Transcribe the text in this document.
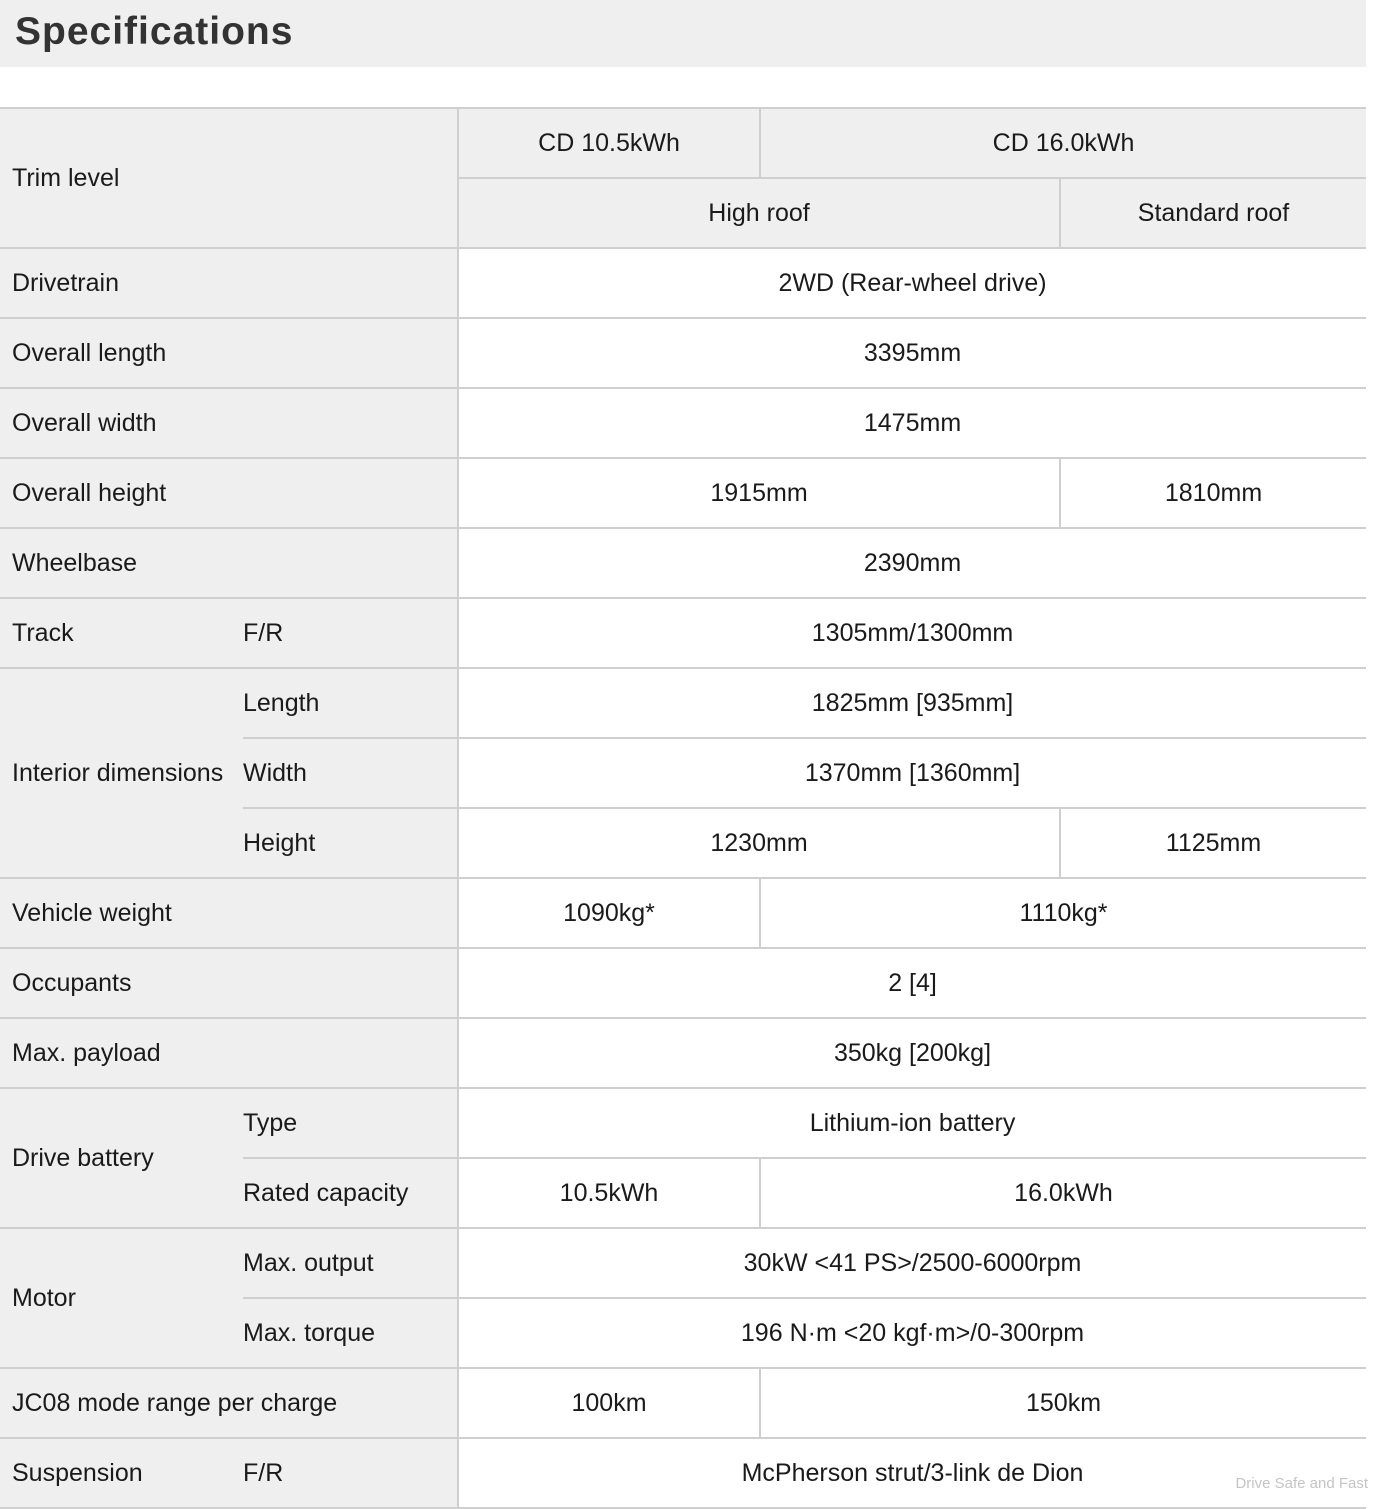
Specifications
Trim level		CD 10.5kWh	CD 16.0kWh	
		High roof		Standard roof
Drivetrain		2WD (Rear-wheel drive)		
Overall length		3395mm		
Overall width		1475mm		
Overall height		1915mm		1810mm
Wheelbase		2390mm		
Track	F/R	1305mm/1300mm		
Interior dimensions	Length	1825mm [935mm]		
	Width	1370mm [1360mm]		
	Height	1230mm		1125mm
Vehicle weight		1090kg*	1110kg*	
Occupants		2 [4]		
Max. payload		350kg [200kg]		
Drive battery	Type	Lithium-ion battery		
	Rated capacity	10.5kWh	16.0kWh	
Motor	Max. output	30kW <41 PS>/2500-6000rpm		
	Max. torque	196 N·m <20 kgf·m>/0-300rpm		
JC08 mode range per charge		100km	150km	
Suspension	F/R	McPherson strut/3-link de Dion			Drive Safe and Fast
